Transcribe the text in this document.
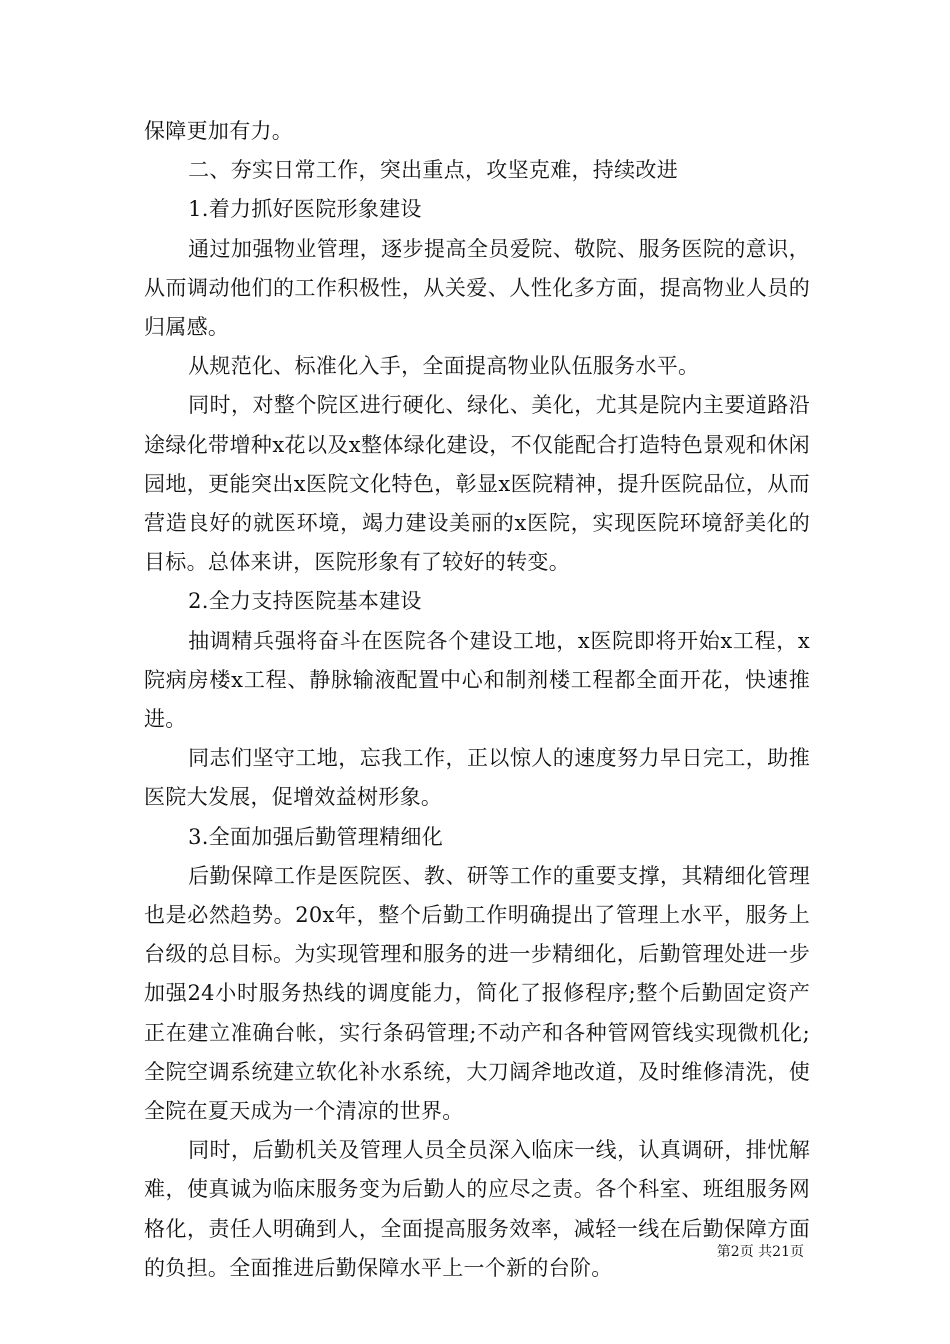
保障更加有力。

二、夯实日常工作，突出重点，攻坚克难，持续改进

1.着力抓好医院形象建设

通过加强物业管理，逐步提高全员爱院、敬院、服务医院的意识，从而调动他们的工作积极性，从关爱、人性化多方面，提高物业人员的归属感。

从规范化、标准化入手，全面提高物业队伍服务水平。

同时，对整个院区进行硬化、绿化、美化，尤其是院内主要道路沿途绿化带增种x花以及x整体绿化建设，不仅能配合打造特色景观和休闲园地，更能突出x医院文化特色，彰显x医院精神，提升医院品位，从而营造良好的就医环境，竭力建设美丽的x医院，实现医院环境舒美化的目标。总体来讲，医院形象有了较好的转变。

2.全力支持医院基本建设

抽调精兵强将奋斗在医院各个建设工地，x医院即将开始x工程，x院病房楼x工程、静脉输液配置中心和制剂楼工程都全面开花，快速推进。

同志们坚守工地，忘我工作，正以惊人的速度努力早日完工，助推医院大发展，促增效益树形象。

3.全面加强后勤管理精细化

后勤保障工作是医院医、教、研等工作的重要支撑，其精细化管理也是必然趋势。20x年，整个后勤工作明确提出了管理上水平，服务上台级的总目标。为实现管理和服务的进一步精细化，后勤管理处进一步加强24小时服务热线的调度能力，简化了报修程序;整个后勤固定资产正在建立准确台帐，实行条码管理;不动产和各种管网管线实现微机化;全院空调系统建立软化补水系统，大刀阔斧地改道，及时维修清洗，使全院在夏天成为一个清凉的世界。

同时，后勤机关及管理人员全员深入临床一线，认真调研，排忧解难，使真诚为临床服务变为后勤人的应尽之责。各个科室、班组服务网格化，责任人明确到人，全面提高服务效率，减轻一线在后勤保障方面的负担。全面推进后勤保障水平上一个新的台阶。

第2页 共21页
